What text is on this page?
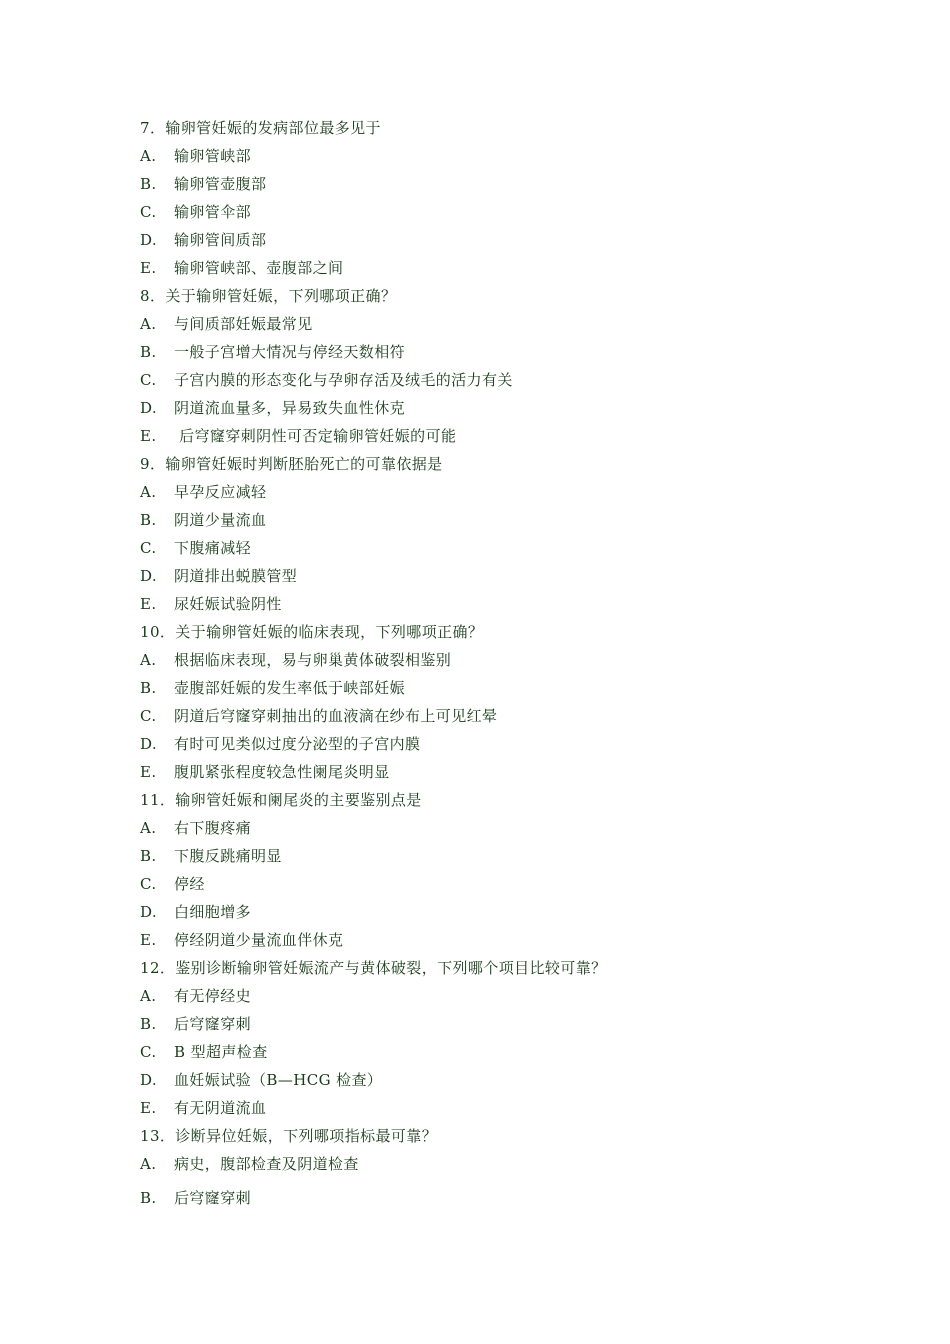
7．输卵管妊娠的发病部位最多见于
A. 输卵管峡部
B. 输卵管壶腹部
C. 输卵管伞部
D. 输卵管间质部
E. 输卵管峡部、壶腹部之间
8．关于输卵管妊娠，下列哪项正确？
A. 与间质部妊娠最常见
B. 一般子宫增大情况与停经天数相符
C. 子宫内膜的形态变化与孕卵存活及绒毛的活力有关
D. 阴道流血量多，异易致失血性休克
E. 后穹窿穿刺阴性可否定输卵管妊娠的可能
9．输卵管妊娠时判断胚胎死亡的可靠依据是
A. 早孕反应减轻
B. 阴道少量流血
C. 下腹痛减轻
D. 阴道排出蜕膜管型
E. 尿妊娠试验阴性
10．关于输卵管妊娠的临床表现，下列哪项正确？
A. 根据临床表现，易与卵巢黄体破裂相鉴别
B. 壶腹部妊娠的发生率低于峡部妊娠
C. 阴道后穹窿穿刺抽出的血液滴在纱布上可见红晕
D. 有时可见类似过度分泌型的子宫内膜
E. 腹肌紧张程度较急性阑尾炎明显
11．输卵管妊娠和阑尾炎的主要鉴别点是
A. 右下腹疼痛
B. 下腹反跳痛明显
C. 停经
D. 白细胞增多
E. 停经阴道少量流血伴休克
12．鉴别诊断输卵管妊娠流产与黄体破裂，下列哪个项目比较可靠？
A. 有无停经史
B. 后穹窿穿刺
C. B 型超声检查
D. 血妊娠试验（B—HCG 检查）
E. 有无阴道流血
13．诊断异位妊娠，下列哪项指标最可靠？
A. 病史，腹部检查及阴道检查
B. 后穹窿穿刺
